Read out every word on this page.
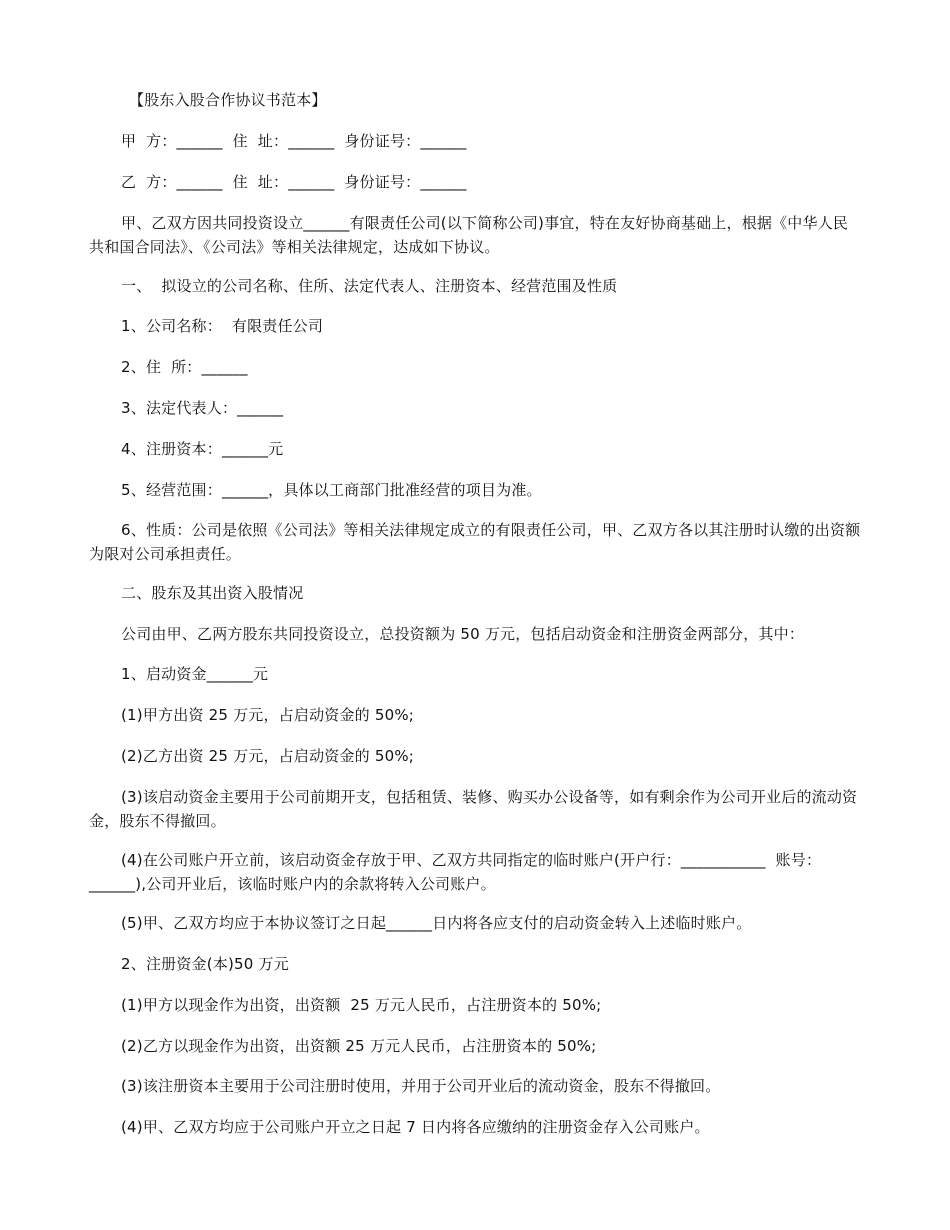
【股东入股合作协议书范本】

甲  方：______  住  址：______  身份证号：______

乙  方：______  住  址：______  身份证号：______

甲、乙双方因共同投资设立______有限责任公司(以下简称公司)事宜，特在友好协商基础上，根据《中华人民共和国合同法》、《公司法》等相关法律规定，达成如下协议。

一、  拟设立的公司名称、住所、法定代表人、注册资本、经营范围及性质

1、公司名称：  有限责任公司

2、住  所：______

3、法定代表人：______

4、注册资本：______元

5、经营范围：______，具体以工商部门批准经营的项目为准。

6、性质：公司是依照《公司法》等相关法律规定成立的有限责任公司，甲、乙双方各以其注册时认缴的出资额为限对公司承担责任。

二、股东及其出资入股情况

公司由甲、乙两方股东共同投资设立，总投资额为 50 万元，包括启动资金和注册资金两部分，其中：

1、启动资金______元

(1)甲方出资 25 万元，占启动资金的 50%;

(2)乙方出资 25 万元，占启动资金的 50%;

(3)该启动资金主要用于公司前期开支，包括租赁、装修、购买办公设备等，如有剩余作为公司开业后的流动资金，股东不得撤回。

(4)在公司账户开立前，该启动资金存放于甲、乙双方共同指定的临时账户(开户行：___________  账号：______),公司开业后，该临时账户内的余款将转入公司账户。

(5)甲、乙双方均应于本协议签订之日起______日内将各应支付的启动资金转入上述临时账户。

2、注册资金(本)50 万元

(1)甲方以现金作为出资，出资额  25 万元人民币，占注册资本的 50%;

(2)乙方以现金作为出资，出资额 25 万元人民币，占注册资本的 50%;

(3)该注册资本主要用于公司注册时使用，并用于公司开业后的流动资金，股东不得撤回。

(4)甲、乙双方均应于公司账户开立之日起 7 日内将各应缴纳的注册资金存入公司账户。
